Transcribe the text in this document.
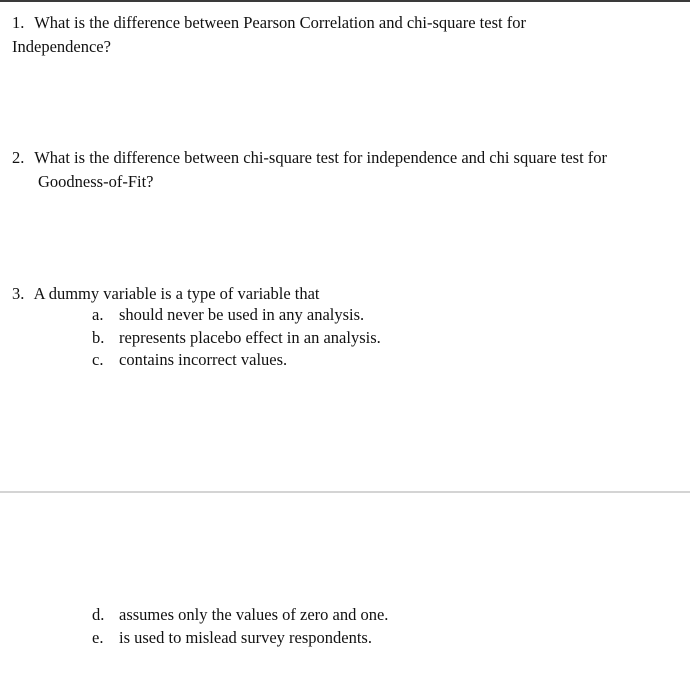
1. What is the difference between Pearson Correlation and chi-square test for
Independence?
2. What is the difference between chi-square test for independence and chi square test for
Goodness-of-Fit?
3. A dummy variable is a type of variable that
a. should never be used in any analysis.
b. represents placebo effect in an analysis.
c. contains incorrect values.
d. assumes only the values of zero and one.
e. is used to mislead survey respondents.
